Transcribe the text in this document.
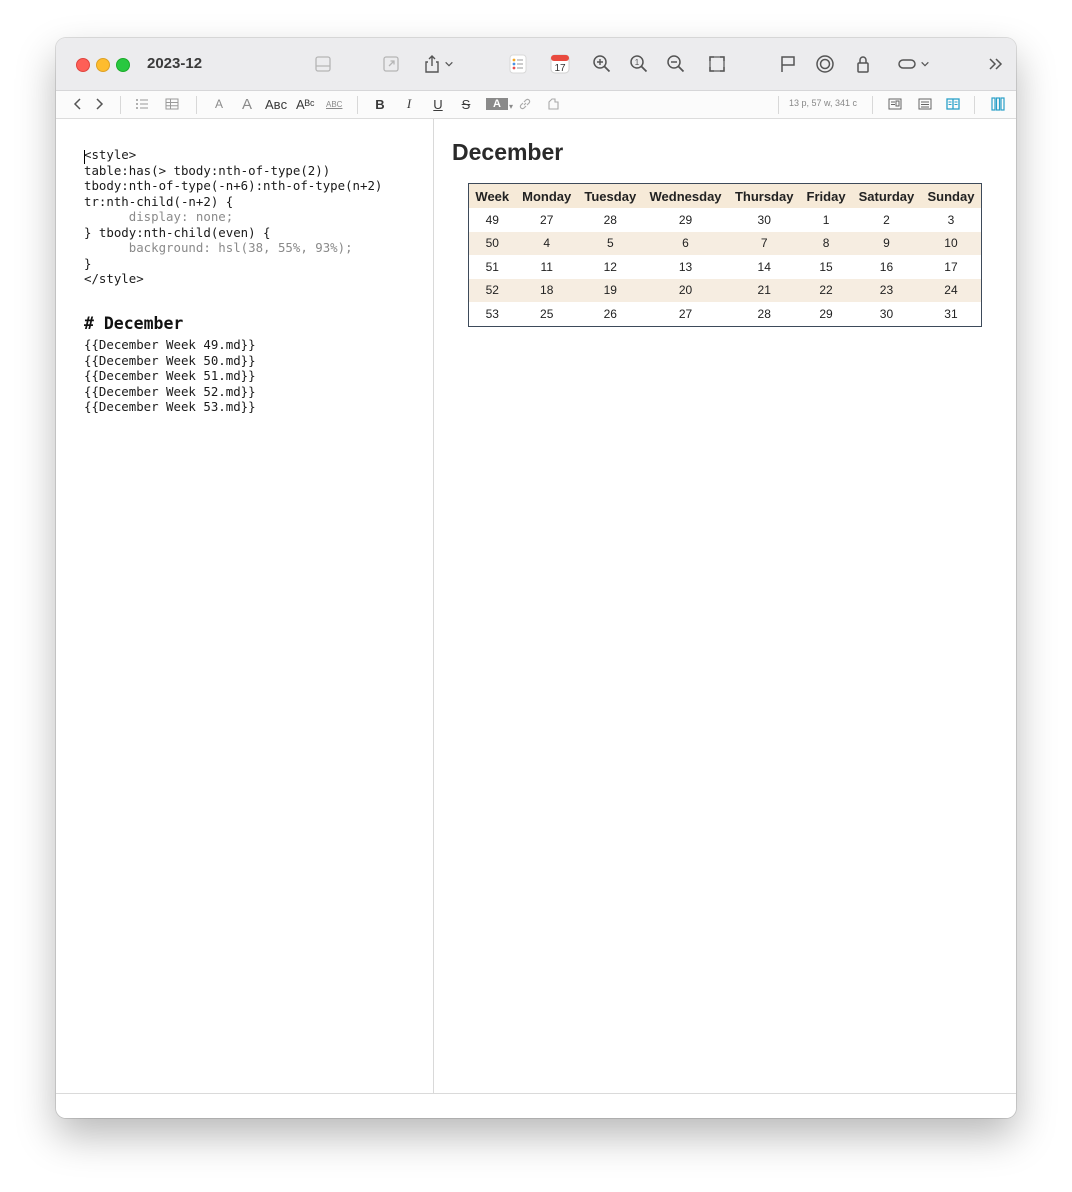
2023-12	17
1
A A Aʙᴄ Aᴮᶜ ABC	B	I	U S	A	▾	13 p, 57 w, 341 c
<style>
table:has(> tbody:nth-of-type(2))
tbody:nth-of-type(-n+6):nth-of-type(n+2)
tr:nth-child(-n+2) {
display: none;
} tbody:nth-child(even) {
background: hsl(38, 55%, 93%);
}
</style>
# December
{{December Week 49.md}}
{{December Week 50.md}}
{{December Week 51.md}}
{{December Week 52.md}}
{{December Week 53.md}}
December
Week	Monday	Tuesday	Wednesday	Thursday	Friday	Saturday	Sunday
49	27	28	29	30	1	2	3
50	4	5	6	7	8	9	10
51	11	12	13	14	15	16	17
52	18	19	20	21	22	23	24
53	25	26	27	28	29	30	31
